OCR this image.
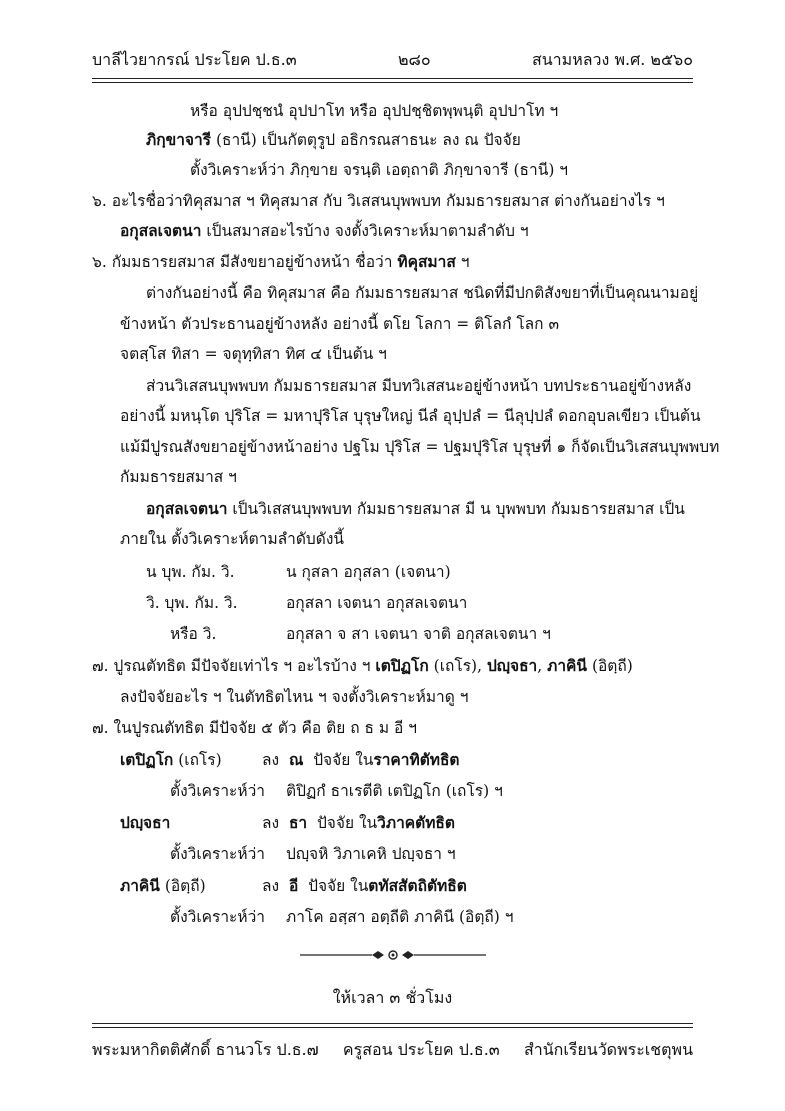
บาลีไวยากรณ์ ประโยค ป.ธ.๓	๒๘๐	สนามหลวง พ.ศ. ๒๕๖๐
หรือ อุปปชฺชนํ อุปปาโท หรือ อุปปชฺชิตพฺพนฺติ อุปปาโท ฯ
ภิกฺขาจารี (ธานี) เป็นกัตตุรูป อธิกรณสาธนะ ลง ณ ปัจจัย
ตั้งวิเคราะห์ว่า ภิกฺขาย จรนฺติ เอตฺถาติ ภิกฺขาจารี (ธานี) ฯ
๖. อะไรชื่อว่าทิคุสมาส ฯ ทิคุสมาส กับ วิเสสนบุพพบท กัมมธารยสมาส ต่างกันอย่างไร ฯ
อกุสลเจตนา เป็นสมาสอะไรบ้าง จงตั้งวิเคราะห์มาตามลำดับ ฯ
๖. กัมมธารยสมาส มีสังขยาอยู่ข้างหน้า ชื่อว่า ทิคุสมาส ฯ
ต่างกันอย่างนี้ คือ ทิคุสมาส คือ กัมมธารยสมาส ชนิดที่มีปกติสังขยาที่เป็นคุณนามอยู่
ข้างหน้า ตัวประธานอยู่ข้างหลัง อย่างนี้ ตโย โลกา = ติโลกํ โลก ๓
จตสฺโส ทิสา = จตุทฺทิสา ทิศ ๔ เป็นต้น ฯ
ส่วนวิเสสนบุพพบท กัมมธารยสมาส มีบทวิเสสนะอยู่ข้างหน้า บทประธานอยู่ข้างหลัง
อย่างนี้ มหนฺโต ปุริโส = มหาปุริโส บุรุษใหญ่ นีลํ อุปฺปลํ = นีลุปฺปลํ ดอกอุบลเขียว เป็นต้น
แม้มีปูรณสังขยาอยู่ข้างหน้าอย่าง ปฐโม ปุริโส = ปฐมปุริโส บุรุษที่ ๑ ก็จัดเป็นวิเสสนบุพพบท
กัมมธารยสมาส ฯ
อกุสลเจตนา เป็นวิเสสนบุพพบท กัมมธารยสมาส มี น บุพพบท กัมมธารยสมาส เป็น
ภายใน ตั้งวิเคราะห์ตามลำดับดังนี้
น บุพ. กัม. วิ.	น กุสลา อกุสลา (เจตนา)
วิ. บุพ. กัม. วิ.	อกุสลา เจตนา อกุสลเจตนา
หรือ วิ.	อกุสลา จ สา เจตนา จาติ อกุสลเจตนา ฯ
๗. ปูรณตัทธิต มีปัจจัยเท่าไร ฯ อะไรบ้าง ฯ เตปิฏโก (เถโร), ปญฺจธา, ภาคินี (อิตฺถี)
ลงปัจจัยอะไร ฯ ในตัทธิตไหน ฯ จงตั้งวิเคราะห์มาดู ฯ
๗. ในปูรณตัทธิต มีปัจจัย ๕ ตัว คือ ติย ถ ธ ม อี ฯ
เตปิฏโก (เถโร)	ลง ณ ปัจจัย ในราคาทิตัทธิต
ตั้งวิเคราะห์ว่า ติปิฏกํ ธาเรตีติ เตปิฏโก (เถโร) ฯ
ปญฺจธา	ลง ธา ปัจจัย ในวิภาคตัทธิต
ตั้งวิเคราะห์ว่า ปญฺจหิ วิภาเคหิ ปญฺจธา ฯ
ภาคินี (อิตฺถี)	ลง อี ปัจจัย ในตทัสสัตถิตัทธิต
ตั้งวิเคราะห์ว่า ภาโค อสฺสา อตฺถีติ ภาคินี (อิตฺถี) ฯ
ให้เวลา ๓ ชั่วโมง
พระมหากิตติศักดิ์ ธานวโร ป.ธ.๗ ครูสอน ประโยค ป.ธ.๓ สำนักเรียนวัดพระเชตุพน
